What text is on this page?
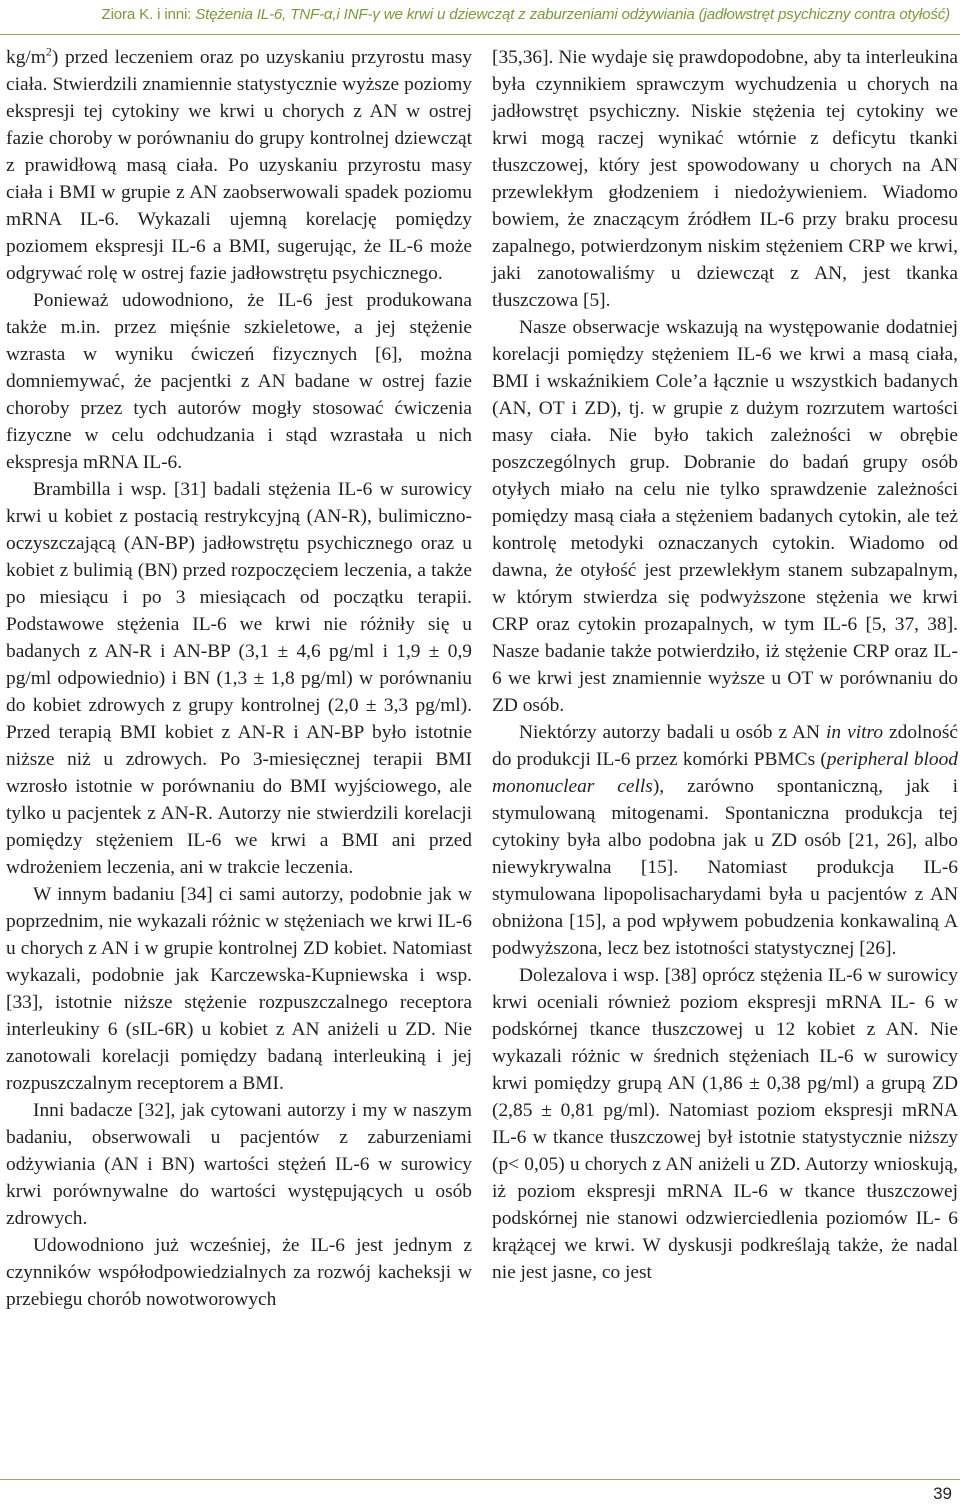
Ziora K. i inni: Stężenia IL-6, TNF-α,i INF-γ we krwi u dziewcząt z zaburzeniami odżywiania (jadłowstręt psychiczny contra otyłość)

$kg/m^2$) przed leczeniem oraz po uzyskaniu przyrostu masy ciała. Stwierdzili znamiennie statystycznie wyższe poziomy ekspresji tej cytokiny we krwi u chorych z AN w ostrej fazie choroby w porównaniu do grupy kontrolnej dziewcząt z prawidłową masą ciała. Po uzyskaniu przyrostu masy ciała i BMI w grupie z AN zaobserwowali spadek poziomu mRNA IL-6. Wykazali ujemną korelację pomiędzy poziomem ekspresji IL-6 a BMI, sugerując, że IL-6 może odgrywać rolę w ostrej fazie jadłowstrętu psychicznego.

Ponieważ udowodniono, że IL-6 jest produkowana także m.in. przez mięśnie szkieletowe, a jej stężenie wzrasta w wyniku ćwiczeń fizycznych [6], można domniemywać, że pacjentki z AN badane w ostrej fazie choroby przez tych autorów mogły stosować ćwiczenia fizyczne w celu odchudzania i stąd wzrastała u nich ekspresja mRNA IL-6.

Brambilla i wsp. [31] badali stężenia IL-6 w surowicy krwi u kobiet z postacią restrykcyjną (AN-R), bulimiczno-oczyszczającą (AN-BP) jadłowstrętu psychicznego oraz u kobiet z bulimią (BN) przed rozpoczęciem leczenia, a także po miesiącu i po 3 miesiącach od początku terapii. Podstawowe stężenia IL-6 we krwi nie różniły się u badanych z AN-R i AN-BP (3,1 ± 4,6 pg/ml i 1,9 ± 0,9 pg/ml odpowiednio) i BN (1,3 ± 1,8 pg/ml) w porównaniu do kobiet zdrowych z grupy kontrolnej (2,0 ± 3,3 pg/ml). Przed terapią BMI kobiet z AN-R i AN-BP było istotnie niższe niż u zdrowych. Po 3-miesięcznej terapii BMI wzrosło istotnie w porównaniu do BMI wyjściowego, ale tylko u pacjentek z AN-R. Autorzy nie stwierdzili korelacji pomiędzy stężeniem IL-6 we krwi a BMI ani przed wdrożeniem leczenia, ani w trakcie leczenia.

W innym badaniu [34] ci sami autorzy, podobnie jak w poprzednim, nie wykazali różnic w stężeniach we krwi IL-6 u chorych z AN i w grupie kontrolnej ZD kobiet. Natomiast wykazali, podobnie jak Karczewska-Kupniewska i wsp. [33], istotnie niższe stężenie rozpuszczalnego receptora interleukiny 6 (sIL-6R) u kobiet z AN aniżeli u ZD. Nie zanotowali korelacji pomiędzy badaną interleukiną i jej rozpuszczalnym receptorem a BMI.

Inni badacze [32], jak cytowani autorzy i my w naszym badaniu, obserwowali u pacjentów z zaburzeniami odżywiania (AN i BN) wartości stężeń IL-6 w surowicy krwi porównywalne do wartości występujących u osób zdrowych.

Udowodniono już wcześniej, że IL-6 jest jednym z czynników współodpowiedzialnych za rozwój kacheksji w przebiegu chorób nowotworowych

[35,36]. Nie wydaje się prawdopodobne, aby ta interleukina była czynnikiem sprawczym wychudzenia u chorych na jadłowstręt psychiczny. Niskie stężenia tej cytokiny we krwi mogą raczej wynikać wtórnie z deficytu tkanki tłuszczowej, który jest spowodowany u chorych na AN przewlekłym głodzeniem i niedożywieniem. Wiadomo bowiem, że znaczącym źródłem IL-6 przy braku procesu zapalnego, potwierdzonym niskim stężeniem CRP we krwi, jaki zanotowaliśmy u dziewcząt z AN, jest tkanka tłuszczowa [5].

Nasze obserwacje wskazują na występowanie dodatniej korelacji pomiędzy stężeniem IL-6 we krwi a masą ciała, BMI i wskaźnikiem Cole’a łącznie u wszystkich badanych (AN, OT i ZD), tj. w grupie z dużym rozrzutem wartości masy ciała. Nie było takich zależności w obrębie poszczególnych grup. Dobranie do badań grupy osób otyłych miało na celu nie tylko sprawdzenie zależności pomiędzy masą ciała a stężeniem badanych cytokin, ale też kontrolę metodyki oznaczanych cytokin. Wiadomo od dawna, że otyłość jest przewlekłym stanem subzapalnym, w którym stwierdza się podwyższone stężenia we krwi CRP oraz cytokin prozapalnych, w tym IL-6 [5, 37, 38]. Nasze badanie także potwierdziło, iż stężenie CRP oraz IL-6 we krwi jest znamiennie wyższe u OT w porównaniu do ZD osób.

Niektórzy autorzy badali u osób z AN in vitro zdolność do produkcji IL-6 przez komórki PBMCs (peripheral blood mononuclear cells), zarówno spontaniczną, jak i stymulowaną mitogenami. Spontaniczna produkcja tej cytokiny była albo podobna jak u ZD osób [21, 26], albo niewykrywalna [15]. Natomiast produkcja IL-6 stymulowana lipopolisacharydami była u pacjentów z AN obniżona [15], a pod wpływem pobudzenia konkawaliną A podwyższona, lecz bez istotności statystycznej [26].

Dolezalova i wsp. [38] oprócz stężenia IL-6 w surowicy krwi oceniali również poziom ekspresji mRNA IL- 6 w podskórnej tkance tłuszczowej u 12 kobiet z AN. Nie wykazali różnic w średnich stężeniach IL-6 w surowicy krwi pomiędzy grupą AN (1,86 ± 0,38 pg/ml) a grupą ZD (2,85 ± 0,81 pg/ml). Natomiast poziom ekspresji mRNA IL-6 w tkance tłuszczowej był istotnie statystycznie niższy (p< 0,05) u chorych z AN aniżeli u ZD. Autorzy wnioskują, iż poziom ekspresji mRNA IL-6 w tkance tłuszczowej podskórnej nie stanowi odzwierciedlenia poziomów IL- 6 krążącej we krwi. W dyskusji podkreślają także, że nadal nie jest jasne, co jest

39
